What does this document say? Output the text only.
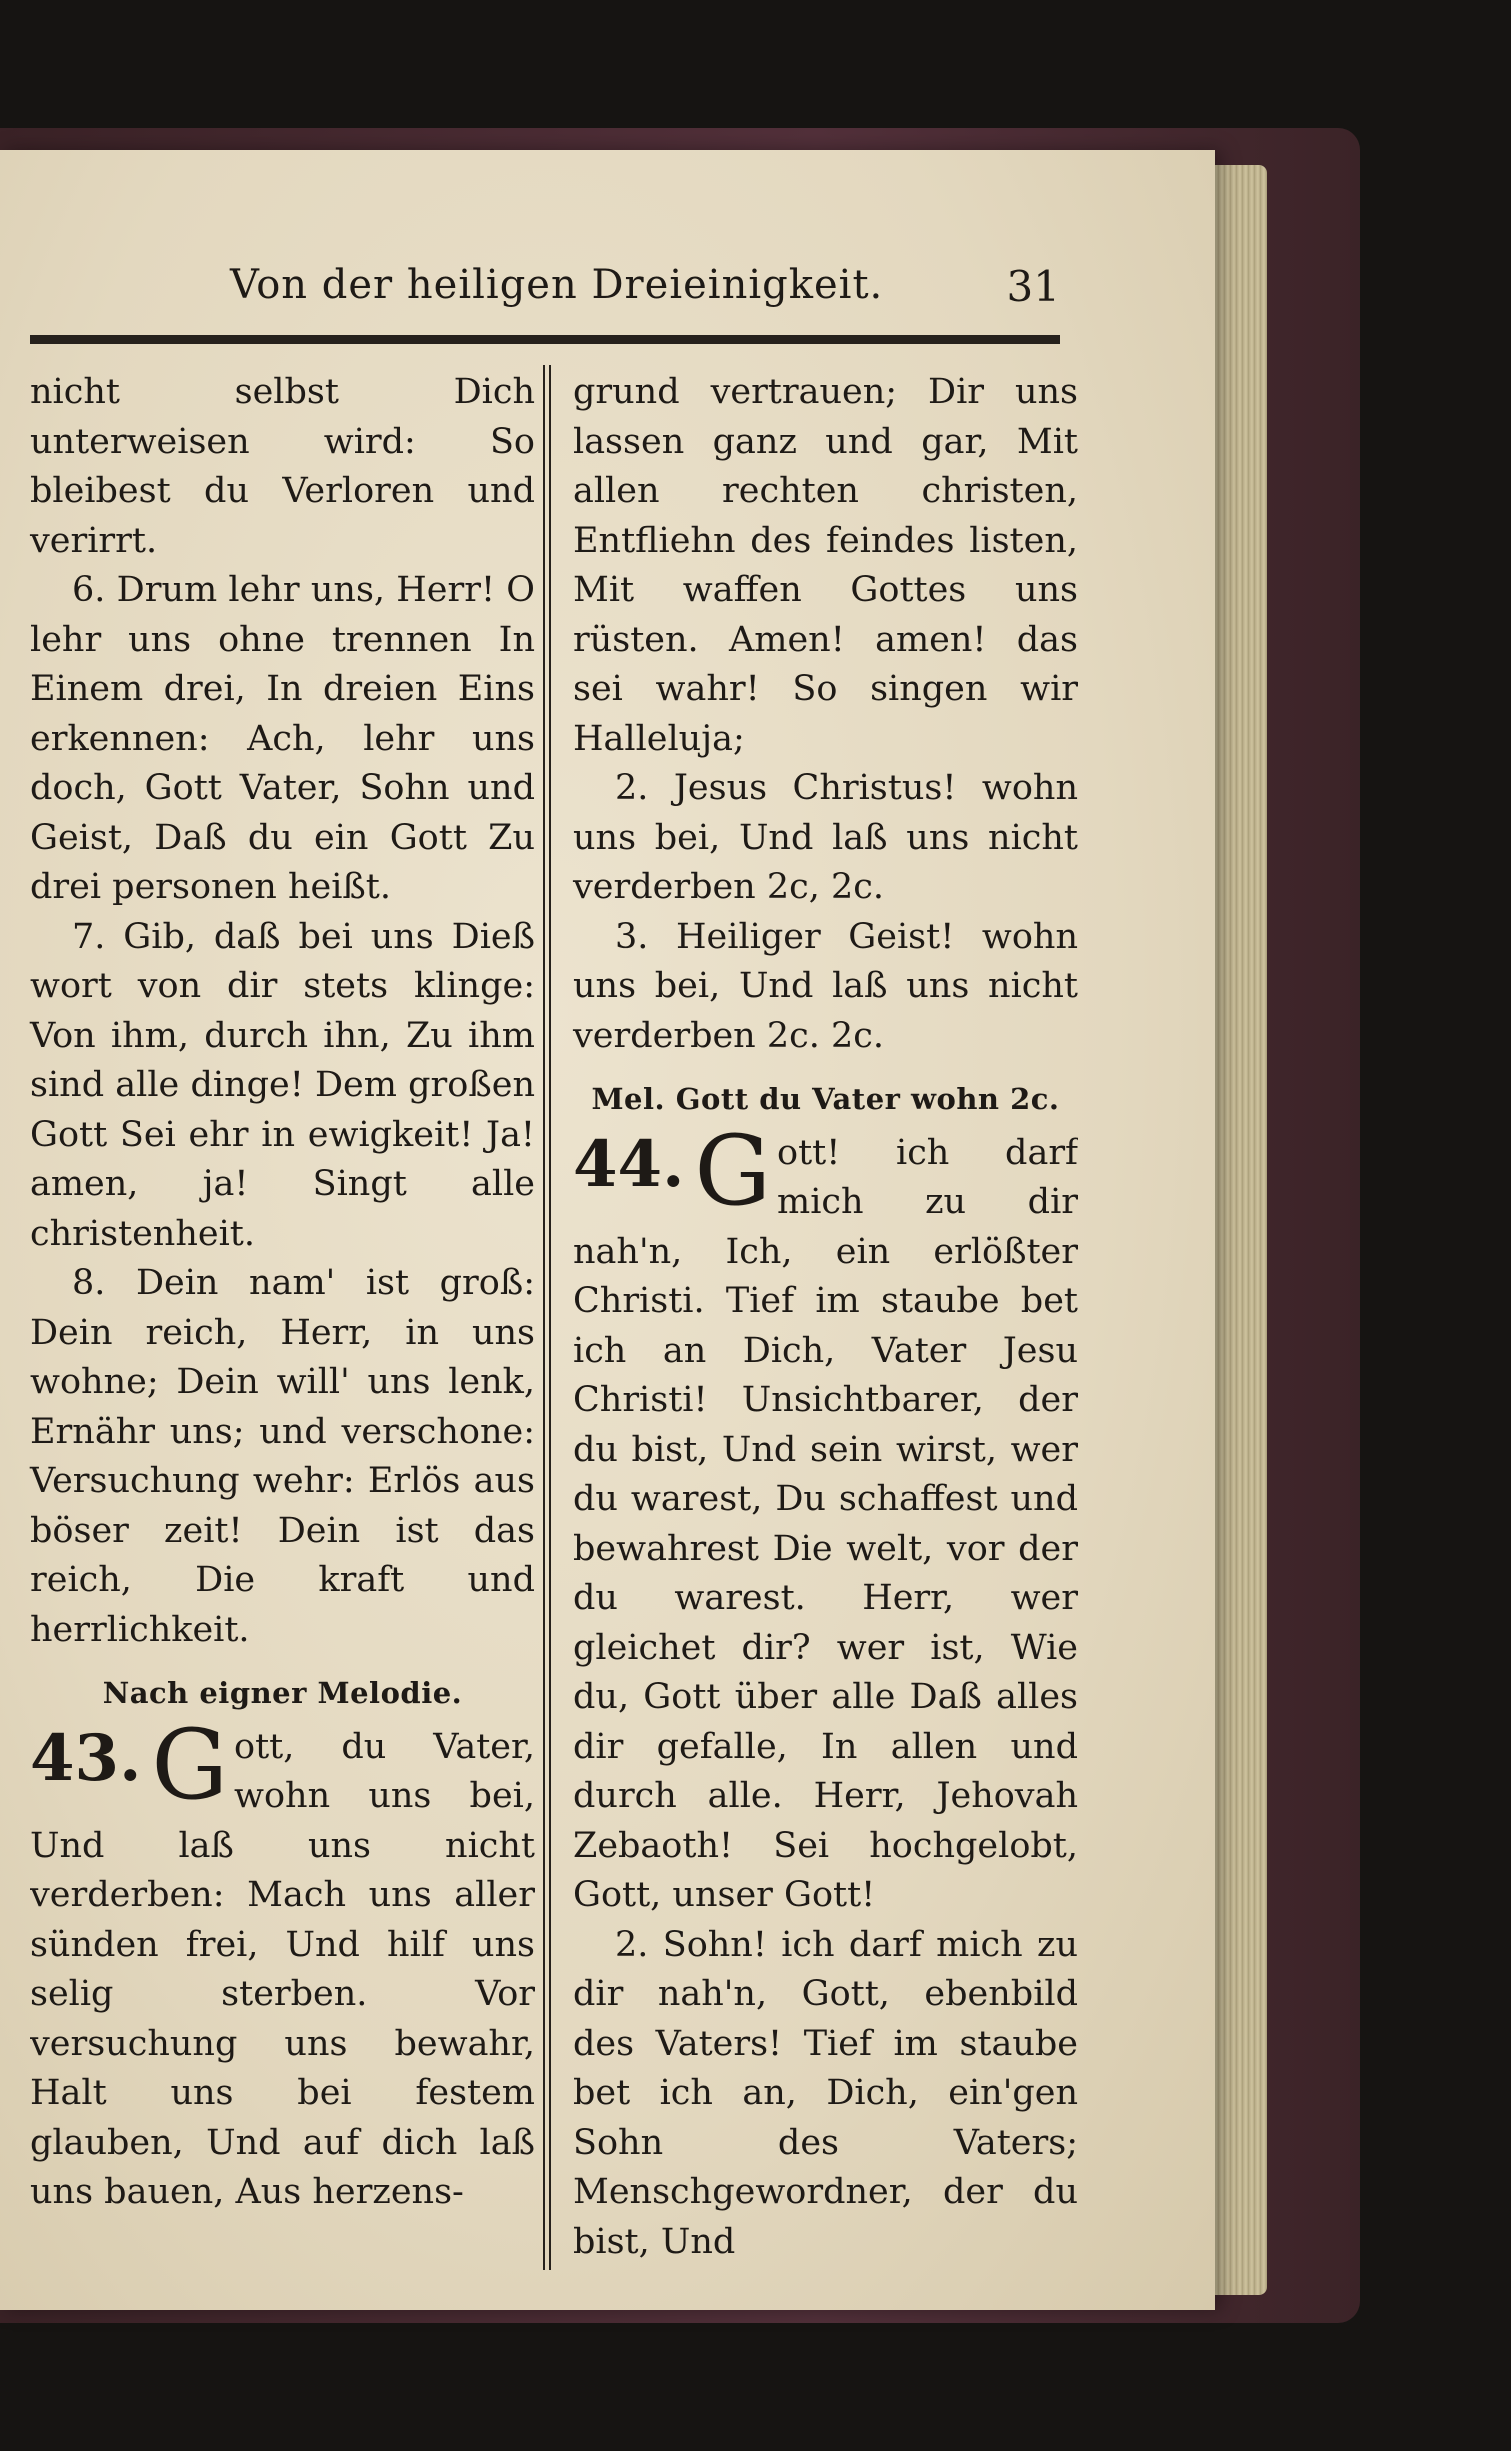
Von der heiligen Dreieinigkeit.	31

nicht selbst Dich unterweisen wird: So bleibest du Verloren und verirrt.

6. Drum lehr uns, Herr! O lehr uns ohne trennen In Einem drei, In dreien Eins erkennen: Ach, lehr uns doch, Gott Vater, Sohn und Geist, Daß du ein Gott Zu drei personen heißt.

7. Gib, daß bei uns Dieß wort von dir stets klinge: Von ihm, durch ihn, Zu ihm sind alle dinge! Dem großen Gott Sei ehr in ewigkeit! Ja! amen, ja! Singt alle christenheit.

8. Dein nam' ist groß: Dein reich, Herr, in uns wohne; Dein will' uns lenk, Ernähr uns; und verschone: Versuchung wehr: Erlös aus böser zeit! Dein ist das reich, Die kraft und herrlichkeit.

Nach eigner Melodie.
43. G ott, du Vater, wohn uns bei, Und laß uns nicht verderben: Mach uns aller sünden frei, Und hilf uns selig sterben. Vor versuchung uns bewahr, Halt uns bei festem glauben, Und auf dich laß uns bauen, Aus herzens-

grund vertrauen; Dir uns lassen ganz und gar, Mit allen rechten christen, Entfliehn des feindes listen, Mit waffen Gottes uns rüsten. Amen! amen! das sei wahr! So singen wir Halleluja;

2. Jesus Christus! wohn uns bei, Und laß uns nicht verderben 2c, 2c.

3. Heiliger Geist! wohn uns bei, Und laß uns nicht verderben 2c. 2c.

Mel. Gott du Vater wohn 2c.
44. G ott! ich darf mich zu dir nah'n, Ich, ein erlößter Christi. Tief im staube bet ich an Dich, Vater Jesu Christi! Unsichtbarer, der du bist, Und sein wirst, wer du warest, Du schaffest und bewahrest Die welt, vor der du warest. Herr, wer gleichet dir? wer ist, Wie du, Gott über alle Daß alles dir gefalle, In allen und durch alle. Herr, Jehovah Zebaoth! Sei hochgelobt, Gott, unser Gott!

2. Sohn! ich darf mich zu dir nah'n, Gott, ebenbild des Vaters! Tief im staube bet ich an, Dich, ein'gen Sohn des Vaters; Menschgewordner, der du bist, Und
